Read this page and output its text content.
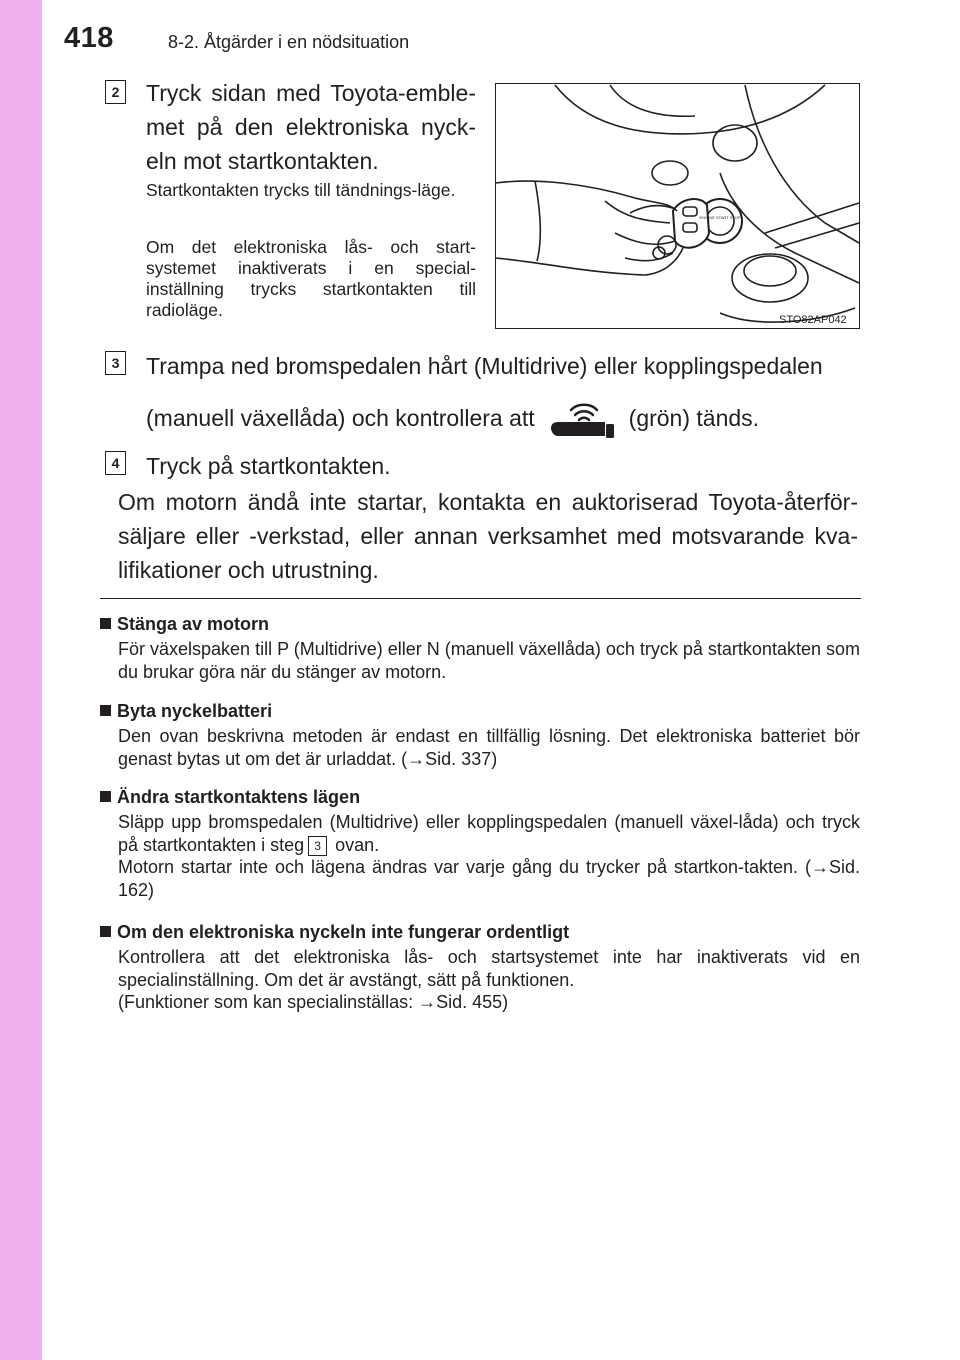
418	8-2. Åtgärder i en nödsituation
2 Tryck sidan med Toyota-emble-met på den elektroniska nyck-eln mot startkontakten.
Startkontakten trycks till tändnings-läge.
Om det elektroniska lås- och start-systemet inaktiverats i en special-inställning trycks startkontakten till radioläge.	STO82AP042
ENGINE START STOP
3 Trampa ned bromspedalen hårt (Multidrive) eller kopplingspedalen
(manuell växellåda) och kontrollera att	(grön) tänds.
4 Tryck på startkontakten.
Om motorn ändå inte startar, kontakta en auktoriserad Toyota-återför-säljare eller -verkstad, eller annan verksamhet med motsvarande kva-lifikationer och utrustning.
Stänga av motorn

För växelspaken till P (Multidrive) eller N (manuell växellåda) och tryck på startkontakten som du brukar göra när du stänger av motorn.

Byta nyckelbatteri

Den ovan beskrivna metoden är endast en tillfällig lösning. Det elektroniska batteriet bör genast bytas ut om det är urladdat. (→Sid. 337)

Ändra startkontaktens lägen

Släpp upp bromspedalen (Multidrive) eller kopplingspedalen (manuell växel-låda) och tryck på startkontakten i steg 3 ovan.

Motorn startar inte och lägena ändras var varje gång du trycker på startkon-takten. (→Sid. 162)

Om den elektroniska nyckeln inte fungerar ordentligt

Kontrollera att det elektroniska lås- och startsystemet inte har inaktiverats vid en specialinställning. Om det är avstängt, sätt på funktionen.

(Funktioner som kan specialinställas: →Sid. 455)
